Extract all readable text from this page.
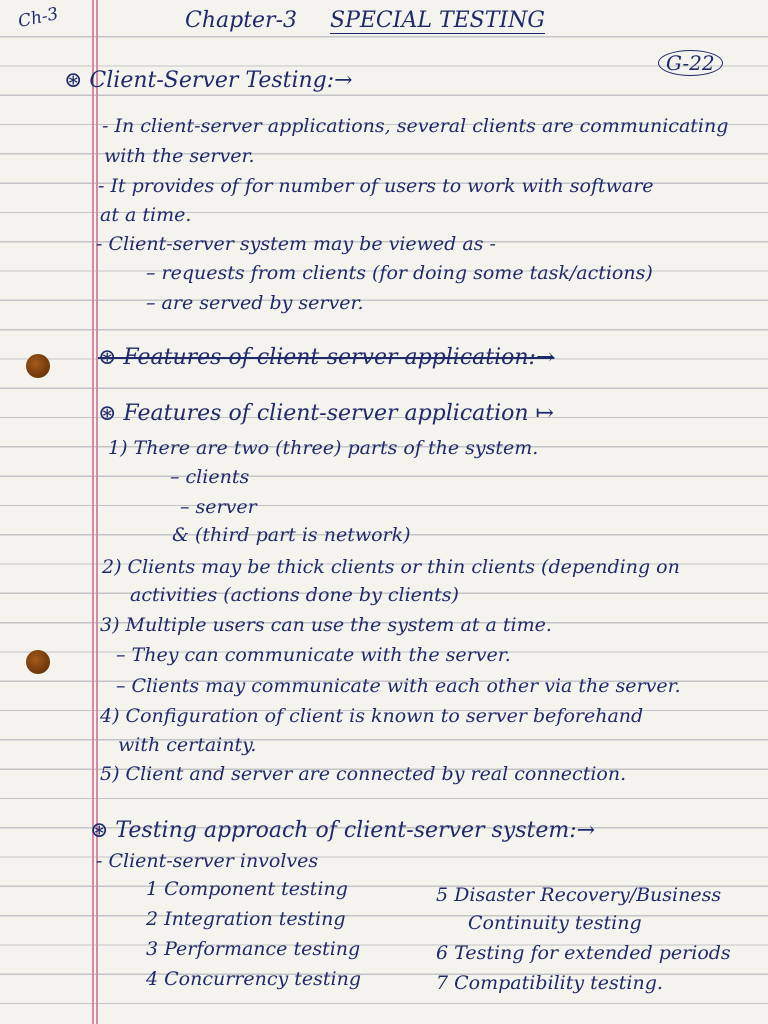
Ch-3	Chapter-3 SPECIAL TESTING
G-22
⊛ Client-Server Testing:→
- In client-server applications, several clients are communicating
with the server.
- It provides of for number of users to work with software
at a time.
- Client-server system may be viewed as -
– requests from clients (for doing some task/actions)
– are served by server.
⊛ Features of client-server application:→
⊛ Features of client-server application ↦
1) There are two (three) parts of the system.
– clients
– server
& (third part is network)
2) Clients may be thick clients or thin clients (depending on
activities (actions done by clients)
3) Multiple users can use the system at a time.
– They can communicate with the server.
– Clients may communicate with each other via the server.
4) Configuration of client is known to server beforehand
with certainty.
5) Client and server are connected by real connection.
⊛ Testing approach of client-server system:→
- Client-server involves
1 Component testing
2 Integration testing
3 Performance testing
4 Concurrency testing
5 Disaster Recovery/Business
Continuity testing
6 Testing for extended periods
7 Compatibility testing.
